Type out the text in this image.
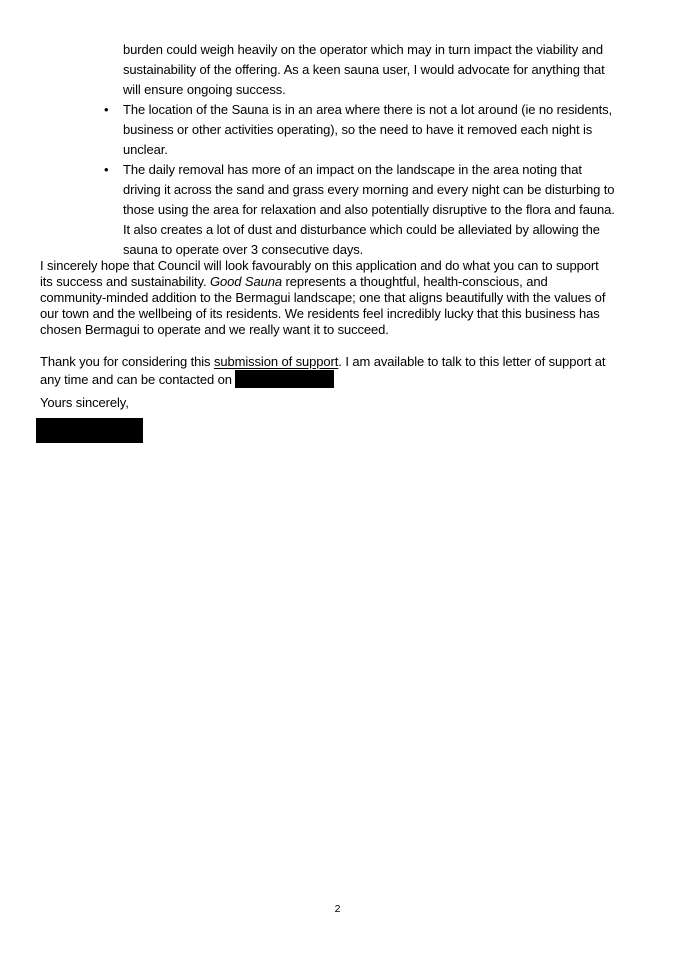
burden could weigh heavily on the operator which may in turn impact the viability and
sustainability of the offering. As a keen sauna user, I would advocate for anything that
will ensure ongoing success.
• The location of the Sauna is in an area where there is not a lot around (ie no residents,
business or other activities operating), so the need to have it removed each night is
unclear.
• The daily removal has more of an impact on the landscape in the area noting that
driving it across the sand and grass every morning and every night can be disturbing to
those using the area for relaxation and also potentially disruptive to the flora and fauna.
It also creates a lot of dust and disturbance which could be alleviated by allowing the
sauna to operate over 3 consecutive days.
I sincerely hope that Council will look favourably on this application and do what you can to support
its success and sustainability. Good Sauna represents a thoughtful, health-conscious, and
community-minded addition to the Bermagui landscape; one that aligns beautifully with the values of
our town and the wellbeing of its residents. We residents feel incredibly lucky that this business has
chosen Bermagui to operate and we really want it to succeed.
Thank you for considering this submission of support. I am available to talk to this letter of support at
any time and can be contacted on
Yours sincerely,
2
